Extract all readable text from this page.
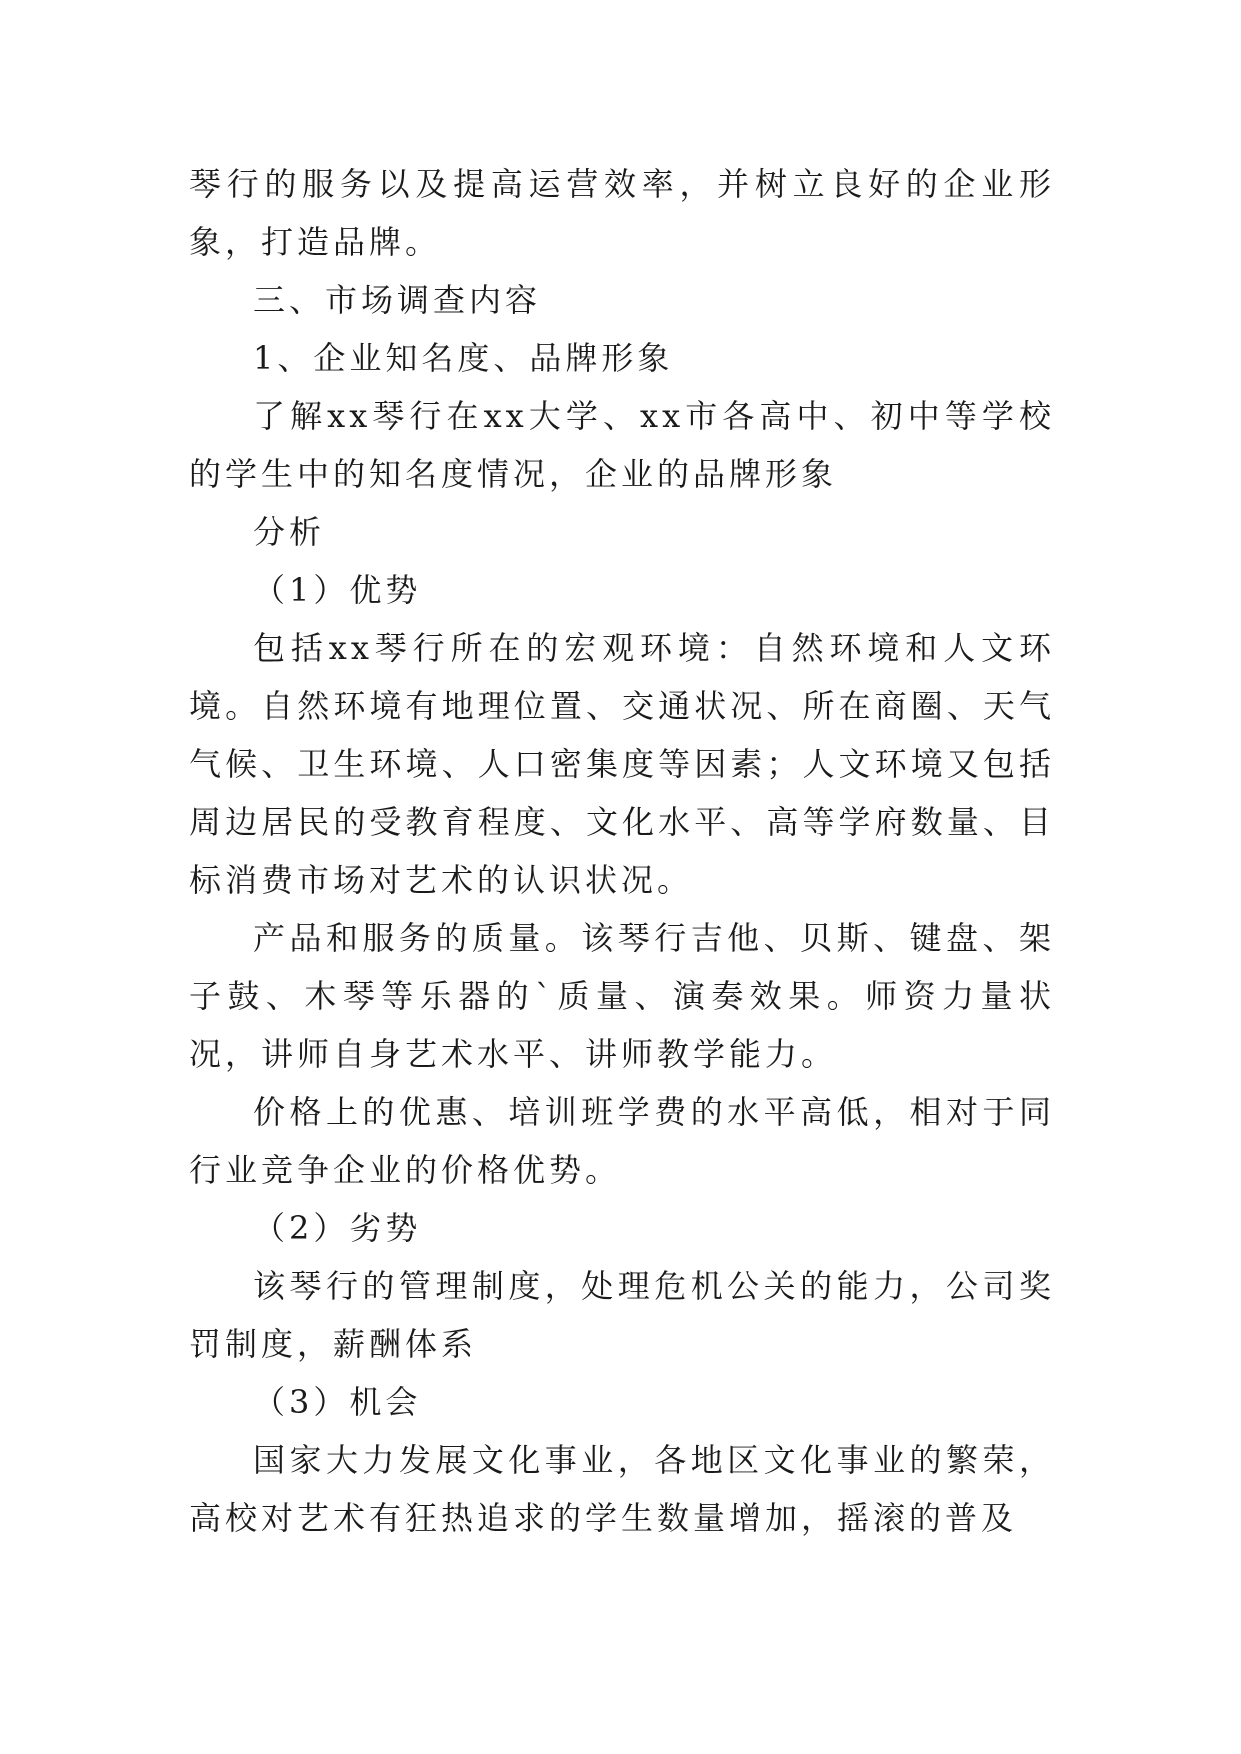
琴行的服务以及提高运营效率，并树立良好的企业形象，打造品牌。

三、市场调查内容

1、企业知名度、品牌形象

了解xx琴行在xx大学、xx市各高中、初中等学校的学生中的知名度情况，企业的品牌形象

分析

（1）优势

包括xx琴行所在的宏观环境：自然环境和人文环境。自然环境有地理位置、交通状况、所在商圈、天气气候、卫生环境、人口密集度等因素；人文环境又包括周边居民的受教育程度、文化水平、高等学府数量、目标消费市场对艺术的认识状况。

产品和服务的质量。该琴行吉他、贝斯、键盘、架子鼓、木琴等乐器的`质量、演奏效果。师资力量状况，讲师自身艺术水平、讲师教学能力。

价格上的优惠、培训班学费的水平高低，相对于同行业竞争企业的价格优势。

（2）劣势

该琴行的管理制度，处理危机公关的能力，公司奖罚制度，薪酬体系

（3）机会

国家大力发展文化事业，各地区文化事业的繁荣，高校对艺术有狂热追求的学生数量增加，摇滚的普及
